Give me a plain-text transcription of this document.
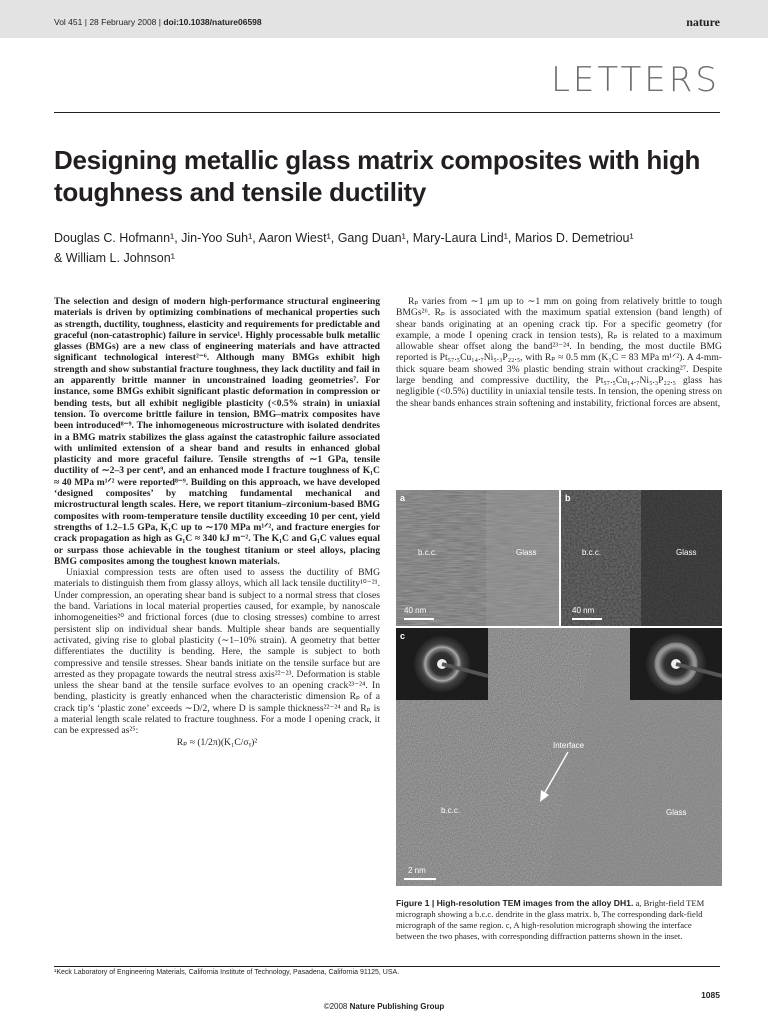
Vol 451 | 28 February 2008 | doi:10.1038/nature06598	nature
LETTERS
Designing metallic glass matrix composites with high toughness and tensile ductility
Douglas C. Hofmann¹, Jin-Yoo Suh¹, Aaron Wiest¹, Gang Duan¹, Mary-Laura Lind¹, Marios D. Demetriou¹
& William L. Johnson¹

The selection and design of modern high-performance structural engineering materials is driven by optimizing combinations of mechanical properties such as strength, ductility, toughness, elasticity and requirements for predictable and graceful (non-catastrophic) failure in service¹. Highly processable bulk metallic glasses (BMGs) are a new class of engineering materials and have attracted significant technological interest²⁻⁶. Although many BMGs exhibit high strength and show substantial fracture toughness, they lack ductility and fail in an apparently brittle manner in unconstrained loading geometries⁷. For instance, some BMGs exhibit significant plastic deformation in compression or bending tests, but all exhibit negligible plasticity (<0.5% strain) in uniaxial tension. To overcome brittle failure in tension, BMG–matrix composites have been introduced⁸⁻⁹. The inhomogeneous microstructure with isolated dendrites in a BMG matrix stabilizes the glass against the catastrophic failure associated with unlimited extension of a shear band and results in enhanced global plasticity and more graceful failure. Tensile strengths of ∼1 GPa, tensile ductility of ∼2–3 per cent⁹, and an enhanced mode I fracture toughness of K₁C ≈ 40 MPa m¹ᐟ² were reported⁸⁻⁹. Building on this approach, we have developed ‘designed composites’ by matching fundamental mechanical and microstructural length scales. Here, we report titanium–zirconium-based BMG composites with room-temperature tensile ductility exceeding 10 per cent, yield strengths of 1.2–1.5 GPa, K₁C up to ∼170 MPa m¹ᐟ², and fracture energies for crack propagation as high as G₁C ≈ 340 kJ m⁻². The K₁C and G₁C values equal or surpass those achievable in the toughest titanium or steel alloys, placing BMG composites among the toughest known materials.

Uniaxial compression tests are often used to assess the ductility of BMG materials to distinguish them from glassy alloys, which all lack tensile ductility¹⁰⁻²¹. Under compression, an operating shear band is subject to a normal stress that closes the band. Variations in local material properties caused, for example, by nanoscale inhomogeneities²⁰ and frictional forces (due to closing stresses) combine to arrest persistent slip on individual shear bands. Multiple shear bands are sequentially activated, giving rise to global plasticity (∼1–10% strain). A geometry that better differentiates the ductility is bending. Here, the sample is subject to both compressive and tensile stresses. Shear bands initiate on the tensile surface but are arrested as they propagate towards the neutral stress axis²²⁻²³. Deformation is stable unless the shear band at the tensile surface evolves to an opening crack²³⁻²⁴. In bending, plasticity is greatly enhanced when the characteristic dimension Rₚ of a crack tip’s ‘plastic zone’ exceeds ∼D/2, where D is sample thickness²²⁻²⁴ and Rₚ is a material length scale related to fracture toughness. For a mode I opening crack, it can be expressed as²⁵:

Rₚ ≈ (1/2π)(K₁C/σᵧ)²

Rₚ varies from ∼1 μm up to ∼1 mm on going from relatively brittle to tough BMGs²⁶. Rₚ is associated with the maximum spatial extension (band length) of shear bands originating at an opening crack tip. For a specific geometry (for example, a mode I opening crack in tension tests), Rₚ is related to a maximum allowable shear offset along the band²³⁻²⁴. In bending, the most ductile BMG reported is Pt₅₇.₅Cu₁₄.₇Ni₅.₃P₂₂.₅, with Rₚ ≈ 0.5 mm (K₁C = 83 MPa m¹ᐟ²). A 4-mm-thick square beam showed 3% plastic bending strain without cracking²⁷. Despite large bending and compressive ductility, the Pt₅₇.₅Cu₁₄.₇Ni₅.₃P₂₂.₅ glass has negligible (<0.5%) ductility in uniaxial tensile tests. In tension, the opening stress on the shear bands enhances strain softening and instability, frictional forces are absent,

a
b.c.c.	Glass
40 nm
b
b.c.c.	Glass
40 nm
c
Interface
b.c.c.	Glass
2 nm
Figure 1 | High-resolution TEM images from the alloy DH1. a, Bright-field TEM micrograph showing a b.c.c. dendrite in the glass matrix. b, The corresponding dark-field micrograph of the same region. c, A high-resolution micrograph showing the interface between the two phases, with corresponding diffraction patterns shown in the inset.
¹Keck Laboratory of Engineering Materials, California Institute of Technology, Pasadena, California 91125, USA.
1085
©2008 Nature Publishing Group
